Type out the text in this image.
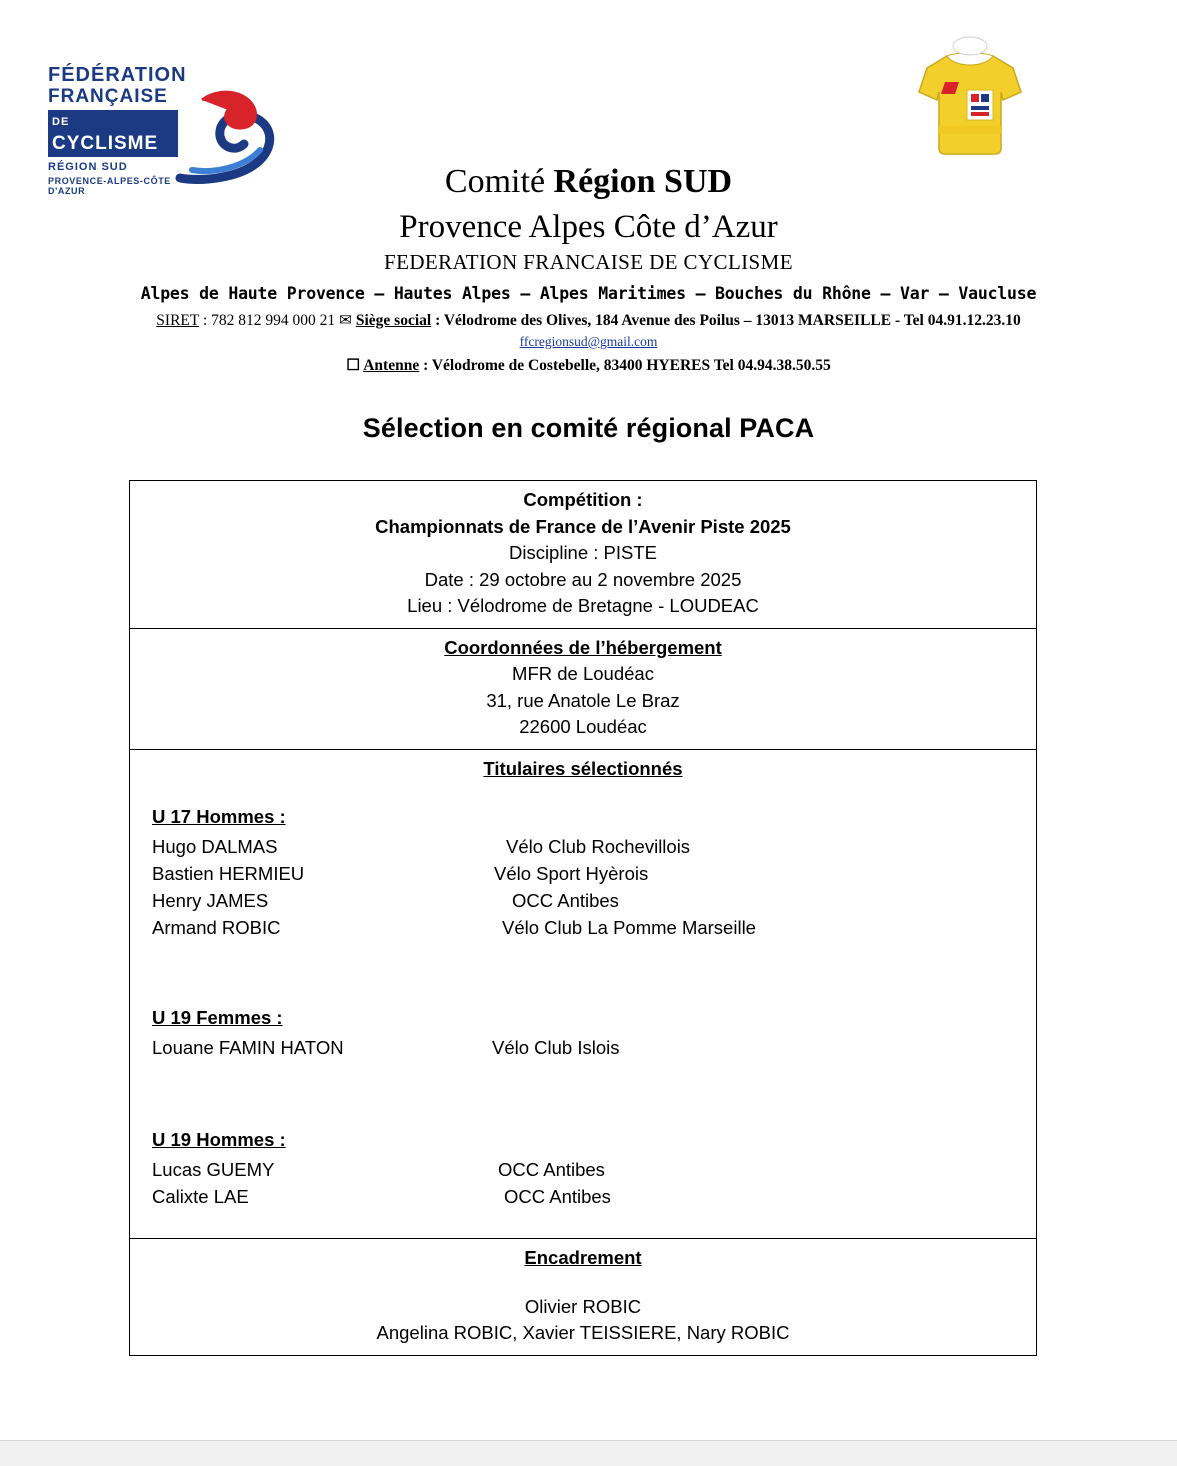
FÉDÉRATION
FRANÇAISE
DE CYCLISME
RÉGION SUD
PROVENCE-ALPES-CÔTE D'AZUR	Comité Région SUD
Provence Alpes Côte d’Azur
FEDERATION FRANCAISE DE CYCLISME
Alpes de Haute Provence – Hautes Alpes – Alpes Maritimes – Bouches du Rhône – Var – Vaucluse
SIRET : 782 812 994 000 21 ✉ Siège social : Vélodrome des Olives, 184 Avenue des Poilus – 13013 MARSEILLE - Tel 04.91.12.23.10
ffcregionsud@gmail.com
☐ Antenne : Vélodrome de Costebelle, 83400 HYERES Tel 04.94.38.50.55
Sélection en comité régional PACA
Compétition :
Championnats de France de l’Avenir Piste 2025
Discipline : PISTE
Date : 29 octobre au 2 novembre 2025
Lieu : Vélodrome de Bretagne - LOUDEAC
Coordonnées de l’hébergement
MFR de Loudéac
31, rue Anatole Le Braz
22600 Loudéac
Titulaires sélectionnés
U 17 Hommes :
Hugo DALMAS	Vélo Club Rochevillois
Bastien HERMIEU	Vélo Sport Hyèrois
Henry JAMES	OCC Antibes
Armand ROBIC	Vélo Club La Pomme Marseille
U 19 Femmes :
Louane FAMIN HATON	Vélo Club Islois
U 19 Hommes :
Lucas GUEMY	OCC Antibes
Calixte LAE	OCC Antibes
Encadrement
Olivier ROBIC
Angelina ROBIC, Xavier TEISSIERE, Nary ROBIC
